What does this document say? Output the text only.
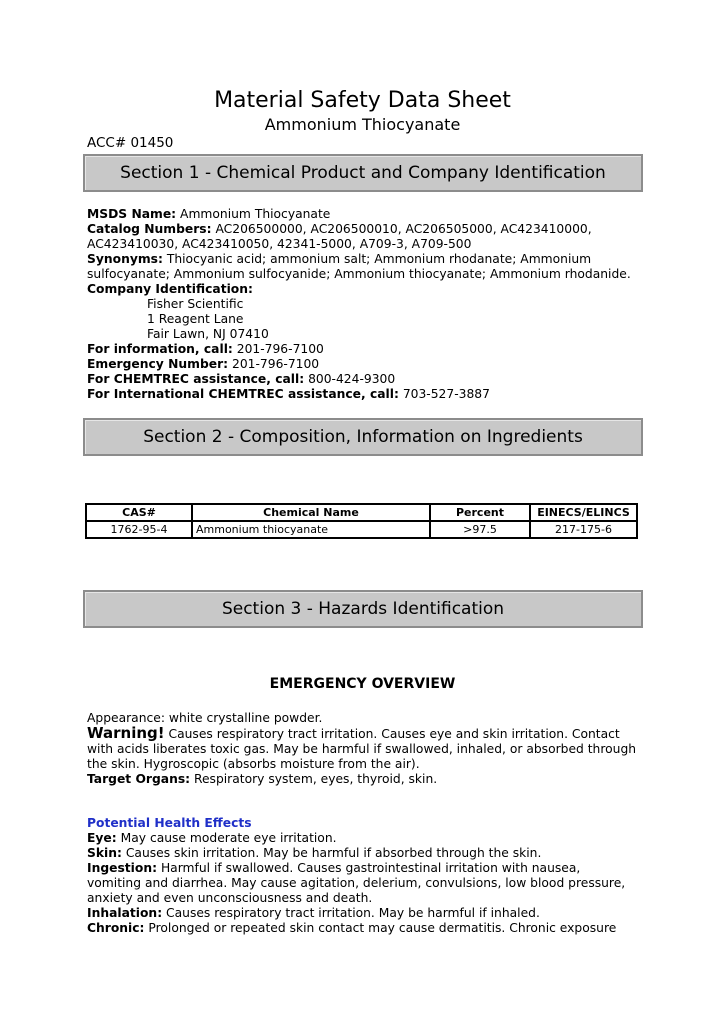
Material Safety Data Sheet
Ammonium Thiocyanate
ACC# 01450
Section 1 - Chemical Product and Company Identification

MSDS Name: Ammonium Thiocyanate

Catalog Numbers: AC206500000, AC206500010, AC206505000, AC423410000,

AC423410030, AC423410050, 42341-5000, A709-3, A709-500

Synonyms: Thiocyanic acid; ammonium salt; Ammonium rhodanate; Ammonium

sulfocyanate; Ammonium sulfocyanide; Ammonium thiocyanate; Ammonium rhodanide.

Company Identification:

Fisher Scientific

1 Reagent Lane

Fair Lawn, NJ 07410

For information, call: 201-796-7100

Emergency Number: 201-796-7100

For CHEMTREC assistance, call: 800-424-9300

For International CHEMTREC assistance, call: 703-527-3887

Section 2 - Composition, Information on Ingredients
CAS#	Chemical Name	Percent	EINECS/ELINCS
1762-95-4	Ammonium thiocyanate	>97.5	217-175-6
Section 3 - Hazards Identification
EMERGENCY OVERVIEW

Appearance: white crystalline powder.

Warning! Causes respiratory tract irritation. Causes eye and skin irritation. Contact

with acids liberates toxic gas. May be harmful if swallowed, inhaled, or absorbed through

the skin. Hygroscopic (absorbs moisture from the air).

Target Organs: Respiratory system, eyes, thyroid, skin.

Potential Health Effects

Eye: May cause moderate eye irritation.

Skin: Causes skin irritation. May be harmful if absorbed through the skin.

Ingestion: Harmful if swallowed. Causes gastrointestinal irritation with nausea,

vomiting and diarrhea. May cause agitation, delerium, convulsions, low blood pressure,

anxiety and even unconsciousness and death.

Inhalation: Causes respiratory tract irritation. May be harmful if inhaled.

Chronic: Prolonged or repeated skin contact may cause dermatitis. Chronic exposure
